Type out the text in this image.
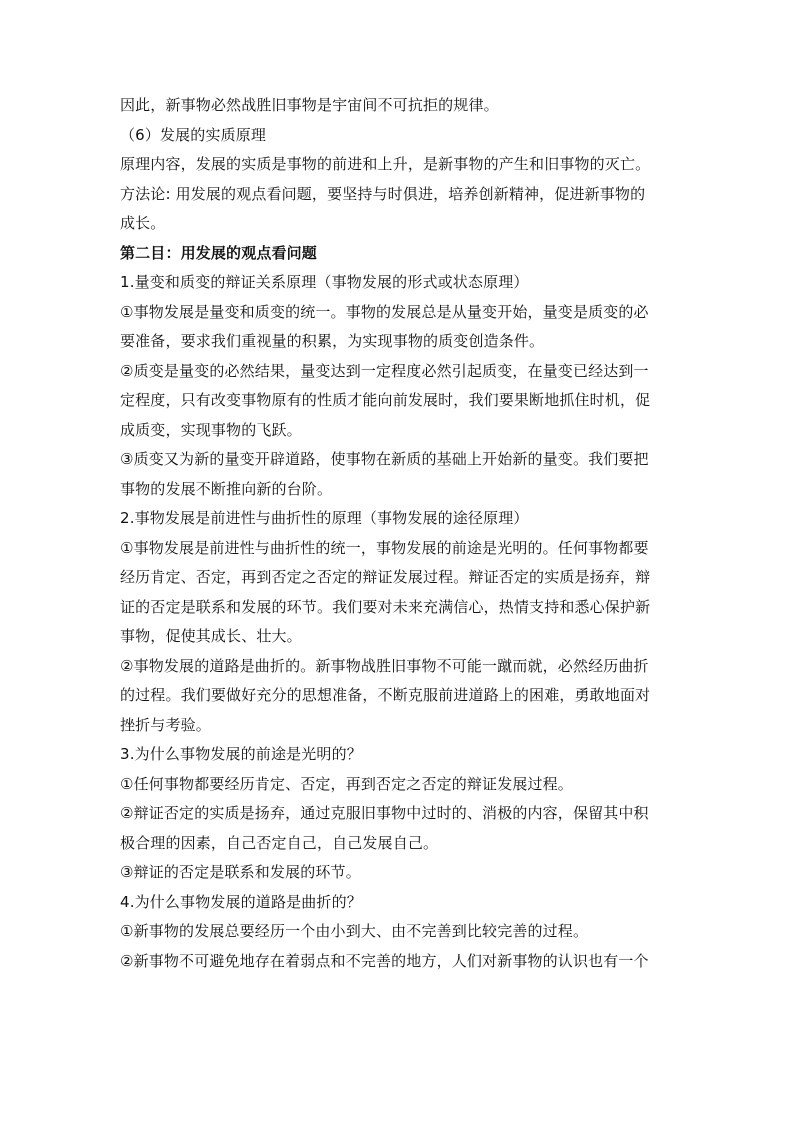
因此，新事物必然战胜旧事物是宇宙间不可抗拒的规律。
（6）发展的实质原理
原理内容，发展的实质是事物的前进和上升，是新事物的产生和旧事物的灭亡。
方法论: 用发展的观点看问题，要坚持与时俱进，培养创新精神，促进新事物的
成长。
第二目：用发展的观点看问题
1.量变和质变的辩证关系原理（事物发展的形式或状态原理）
①事物发展是量变和质变的统一。事物的发展总是从量变开始，量变是质变的必
要准备，要求我们重视量的积累，为实现事物的质变创造条件。
②质变是量变的必然结果，量变达到一定程度必然引起质变，在量变已经达到一
定程度，只有改变事物原有的性质才能向前发展时，我们要果断地抓住时机，促
成质变，实现事物的飞跃。
③质变又为新的量变开辟道路，使事物在新质的基础上开始新的量变。我们要把
事物的发展不断推向新的台阶。
2.事物发展是前进性与曲折性的原理（事物发展的途径原理）
①事物发展是前进性与曲折性的统一，事物发展的前途是光明的。任何事物都要
经历肯定、否定，再到否定之否定的辩证发展过程。辩证否定的实质是扬弃，辩
证的否定是联系和发展的环节。我们要对未来充满信心，热情支持和悉心保护新
事物，促使其成长、壮大。
②事物发展的道路是曲折的。新事物战胜旧事物不可能一蹴而就，必然经历曲折
的过程。我们要做好充分的思想准备，不断克服前进道路上的困难，勇敢地面对
挫折与考验。
3.为什么事物发展的前途是光明的？
①任何事物都要经历肯定、否定，再到否定之否定的辩证发展过程。
②辩证否定的实质是扬弃，通过克服旧事物中过时的、消极的内容，保留其中积
极合理的因素，自己否定自己，自己发展自己。
③辩证的否定是联系和发展的环节。
4.为什么事物发展的道路是曲折的？
①新事物的发展总要经历一个由小到大、由不完善到比较完善的过程。
②新事物不可避免地存在着弱点和不完善的地方，人们对新事物的认识也有一个
